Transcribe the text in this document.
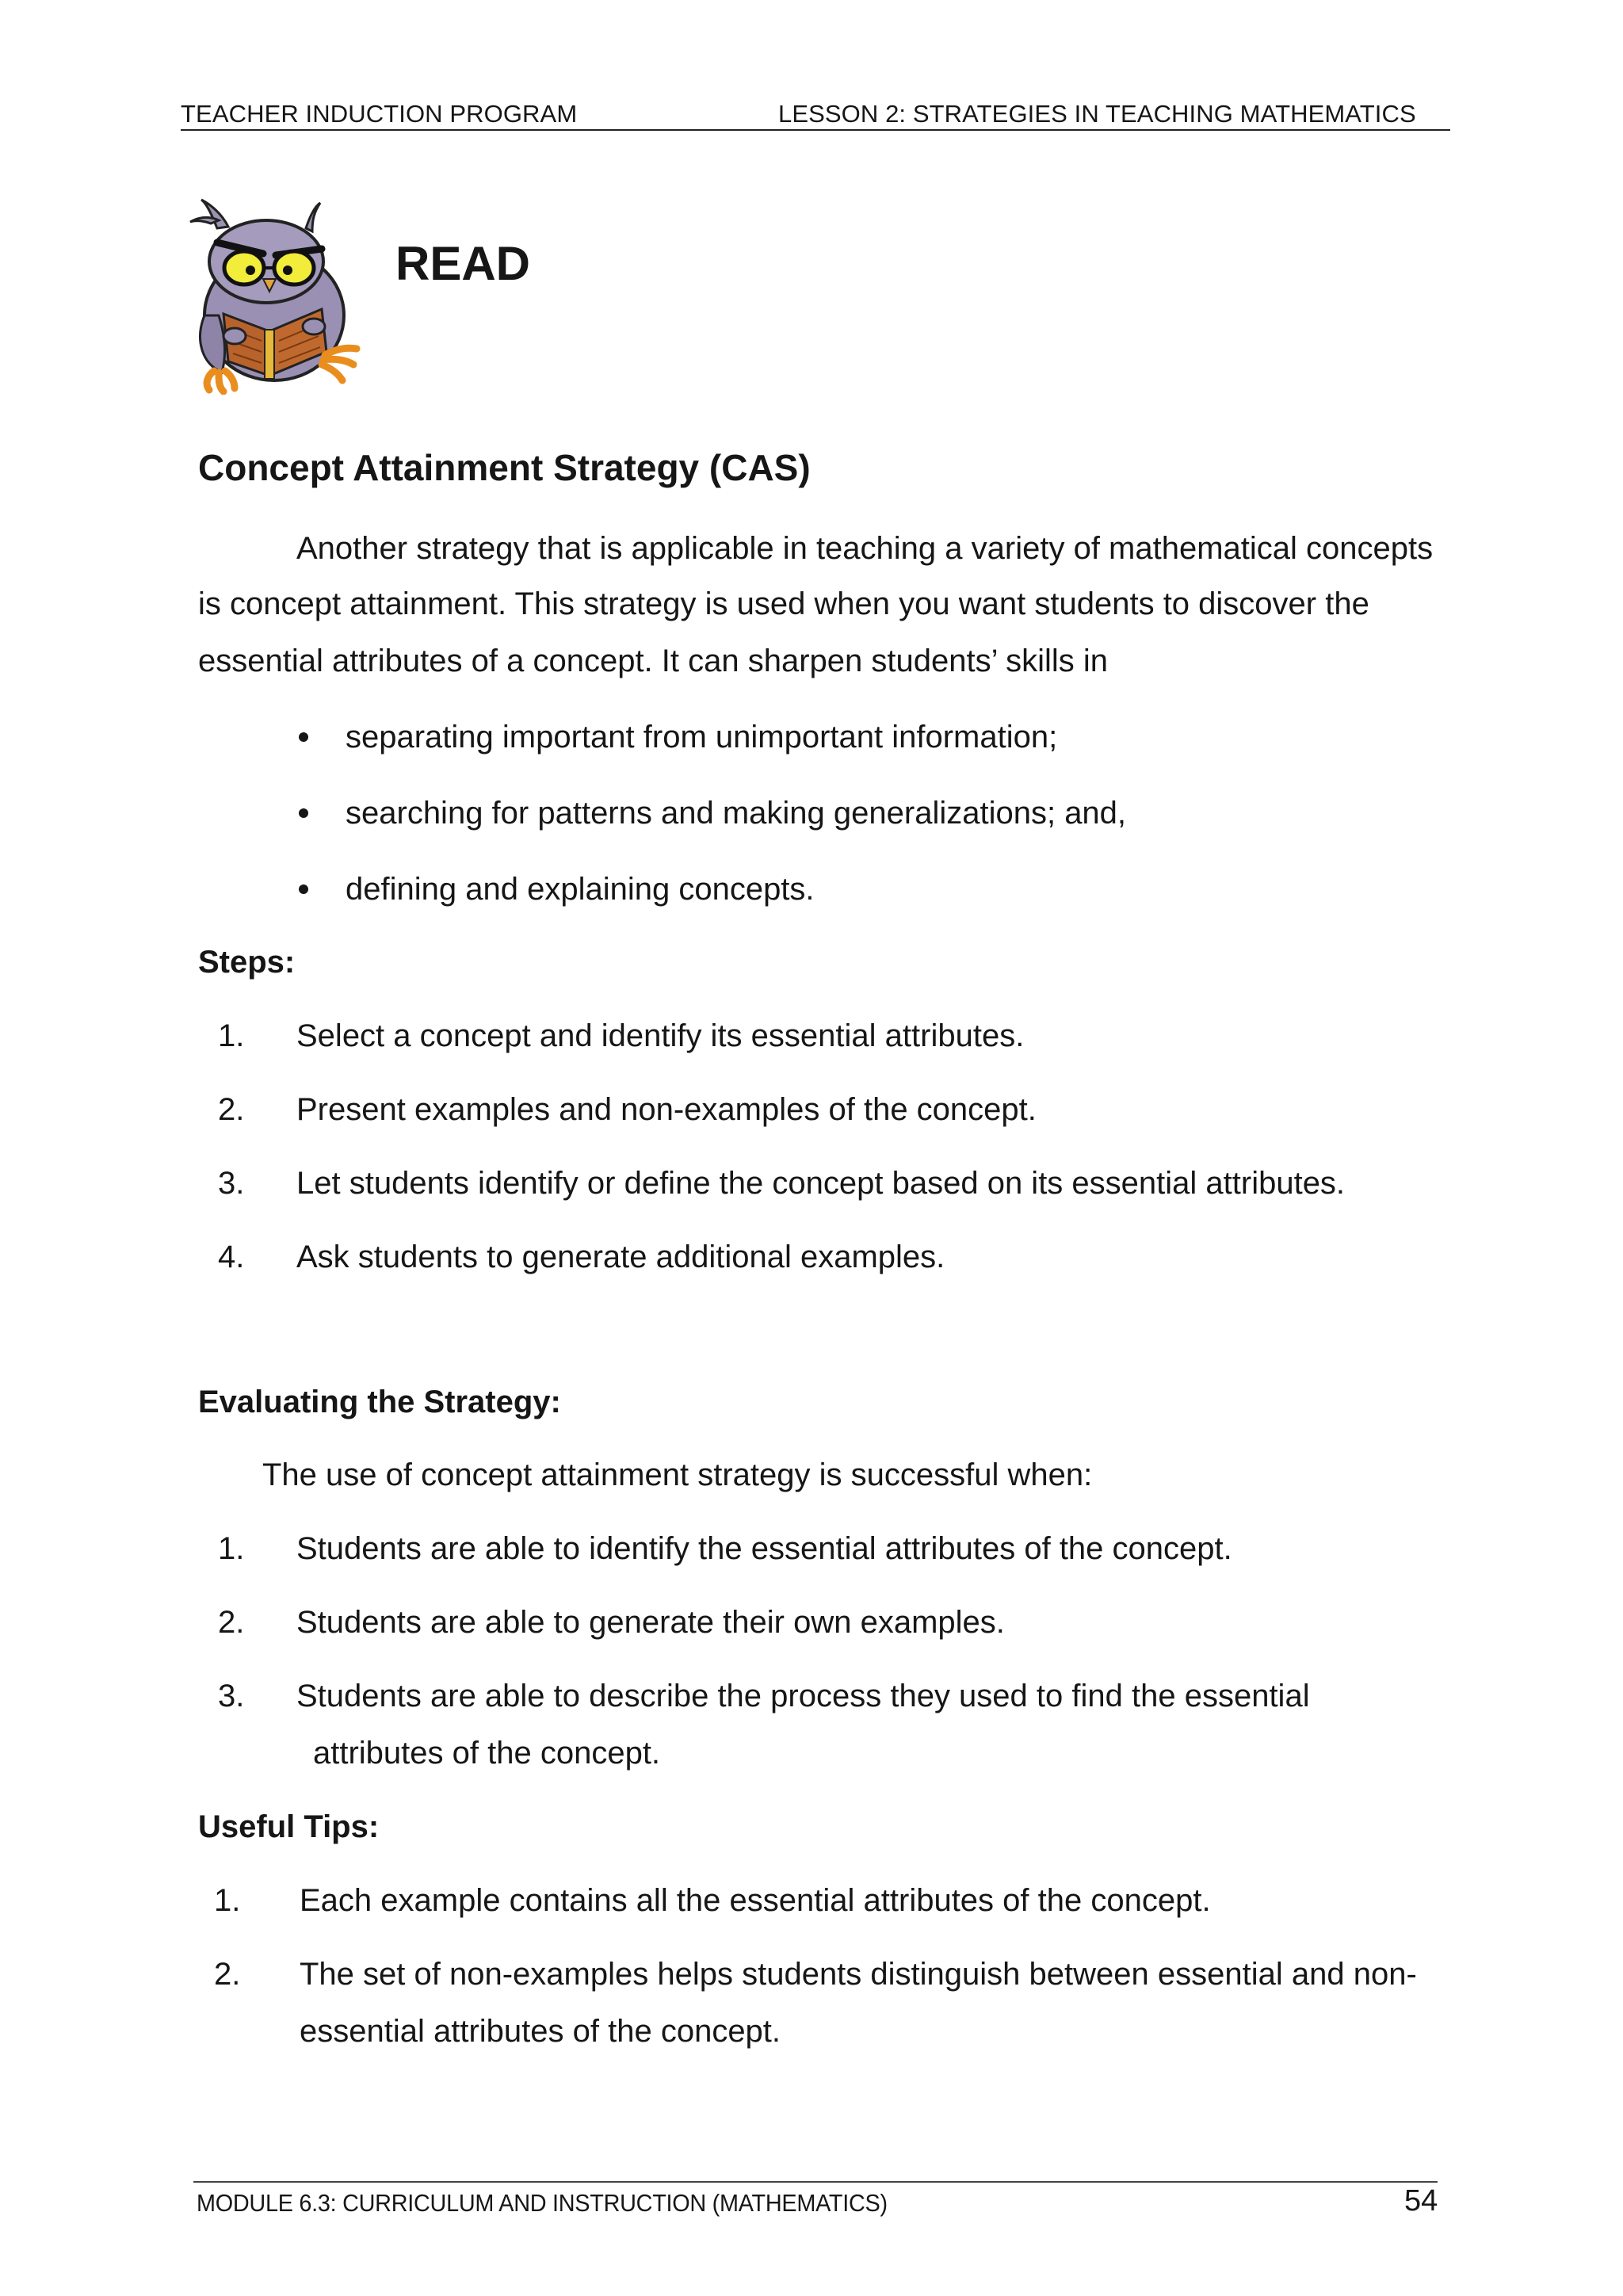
TEACHER INDUCTION PROGRAM	LESSON 2: STRATEGIES IN TEACHING MATHEMATICS
READ
Concept Attainment Strategy (CAS)
Another strategy that is applicable in teaching a variety of mathematical concepts
is concept attainment. This strategy is used when you want students to discover the
essential attributes of a concept. It can sharpen students’ skills in
separating important from unimportant information;
searching for patterns and making generalizations; and,
defining and explaining concepts.
Steps:
1. Select a concept and identify its essential attributes.
2. Present examples and non-examples of the concept.
3. Let students identify or define the concept based on its essential attributes.
4. Ask students to generate additional examples.
Evaluating the Strategy:
The use of concept attainment strategy is successful when:
1. Students are able to identify the essential attributes of the concept.
2. Students are able to generate their own examples.
3. Students are able to describe the process they used to find the essential
attributes of the concept.
Useful Tips:
1. Each example contains all the essential attributes of the concept.
2. The set of non-examples helps students distinguish between essential and non-
essential attributes of the concept.
MODULE 6.3: CURRICULUM AND INSTRUCTION (MATHEMATICS)	54
